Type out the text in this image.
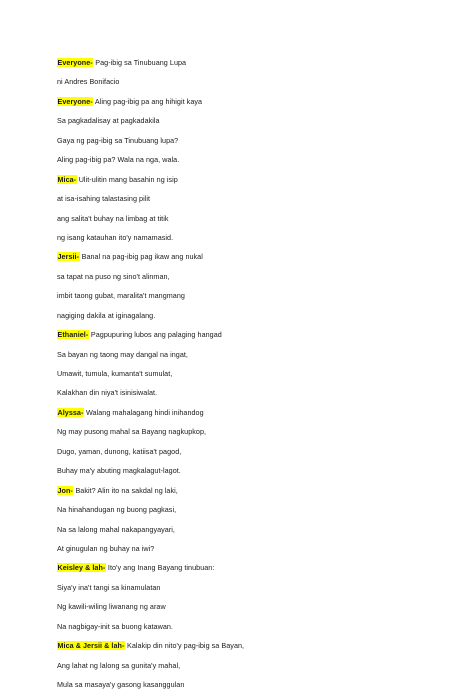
Everyone- Pag-ibig sa Tinubuang Lupa
ni Andres Bonifacio
Everyone- Aling pag-ibig pa ang hihigit kaya
Sa pagkadalisay at pagkadakila
Gaya ng pag-ibig sa Tinubuang lupa?
Aling pag-ibig pa? Wala na nga, wala.
Mica- Ulit-ulitin mang basahin ng isip
at isa-isahing talastasing pilit
ang salita't buhay na limbag at titik
ng isang katauhan ito'y namamasid.
Jersii- Banal na pag-ibig pag ikaw ang nukal
sa tapat na puso ng sino't alinman,
imbit taong gubat, maralita't mangmang
nagiging dakila at iginagalang.
Ethaniel- Pagpupuring lubos ang palaging hangad
Sa bayan ng taong may dangal na ingat,
Umawit, tumula, kumanta't sumulat,
Kalakhan din niya't isinisiwalat.
Alyssa- Walang mahalagang hindi inihandog
Ng may pusong mahal sa Bayang nagkupkop,
Dugo, yaman, dunong, katiisa't pagod,
Buhay ma'y abuting magkalagut-lagot.
Jon- Bakit? Alin ito na sakdal ng laki,
Na hinahandugan ng buong pagkasi,
Na sa lalong mahal nakapangyayari,
At ginugulan ng buhay na iwi?
Keisley & lah- Ito'y ang Inang Bayang tinubuan:
Siya'y ina't tangi sa kinamulatan
Ng kawili-wiling liwanang ng araw
Na nagbigay-init sa buong katawan.
Mica & Jersii & lah- Kalakip din nito'y pag-ibig sa Bayan,
Ang lahat ng lalong sa gunita'y mahal,
Mula sa masaya'y gasong kasanggulan
